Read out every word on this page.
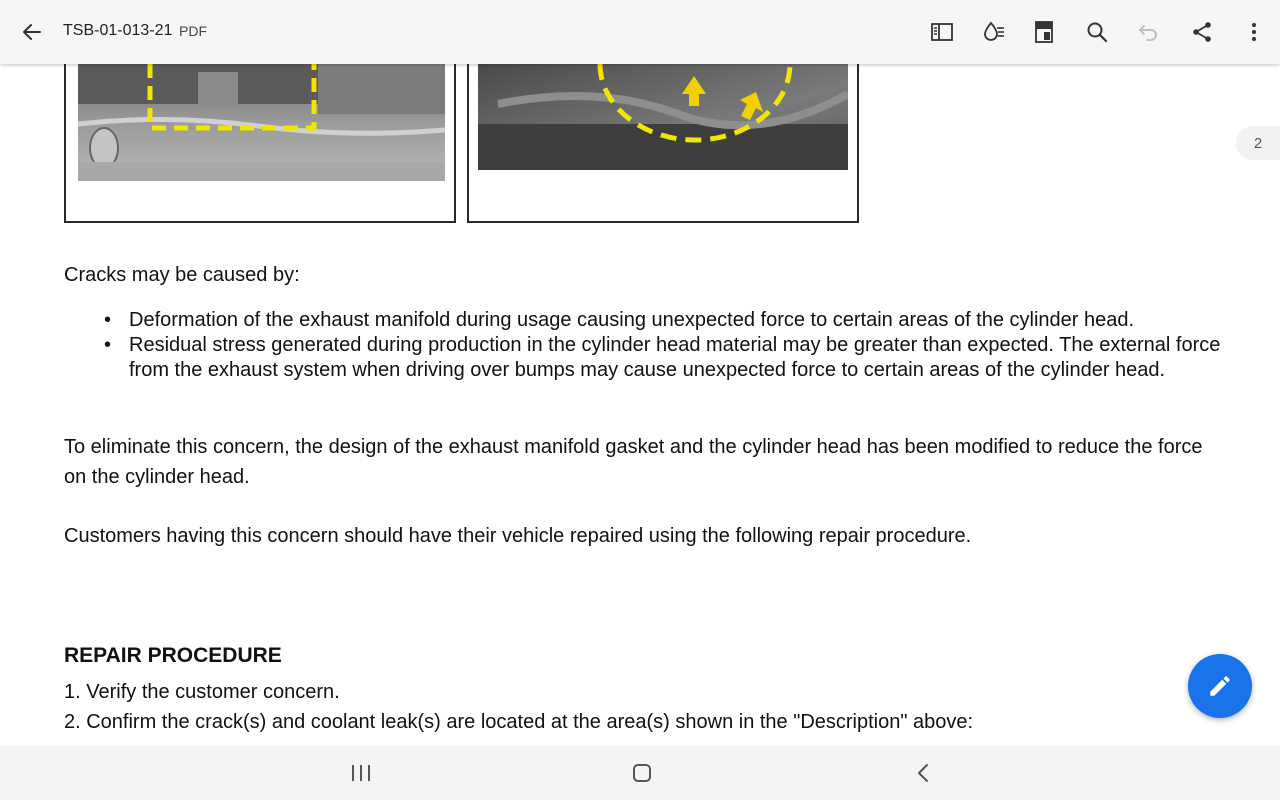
TSB-01-013-21 PDF

Cracks may be caused by:

• Deformation of the exhaust manifold during usage causing unexpected force to certain areas of the cylinder head.
• Residual stress generated during production in the cylinder head material may be greater than expected. The external force from the exhaust system when driving over bumps may cause unexpected force to certain areas of the cylinder head.

To eliminate this concern, the design of the exhaust manifold gasket and the cylinder head has been modified to reduce the force on the cylinder head.

Customers having this concern should have their vehicle repaired using the following repair procedure.

REPAIR PROCEDURE
1. Verify the customer concern.
2. Confirm the crack(s) and coolant leak(s) are located at the area(s) shown in the "Description" above:
2
